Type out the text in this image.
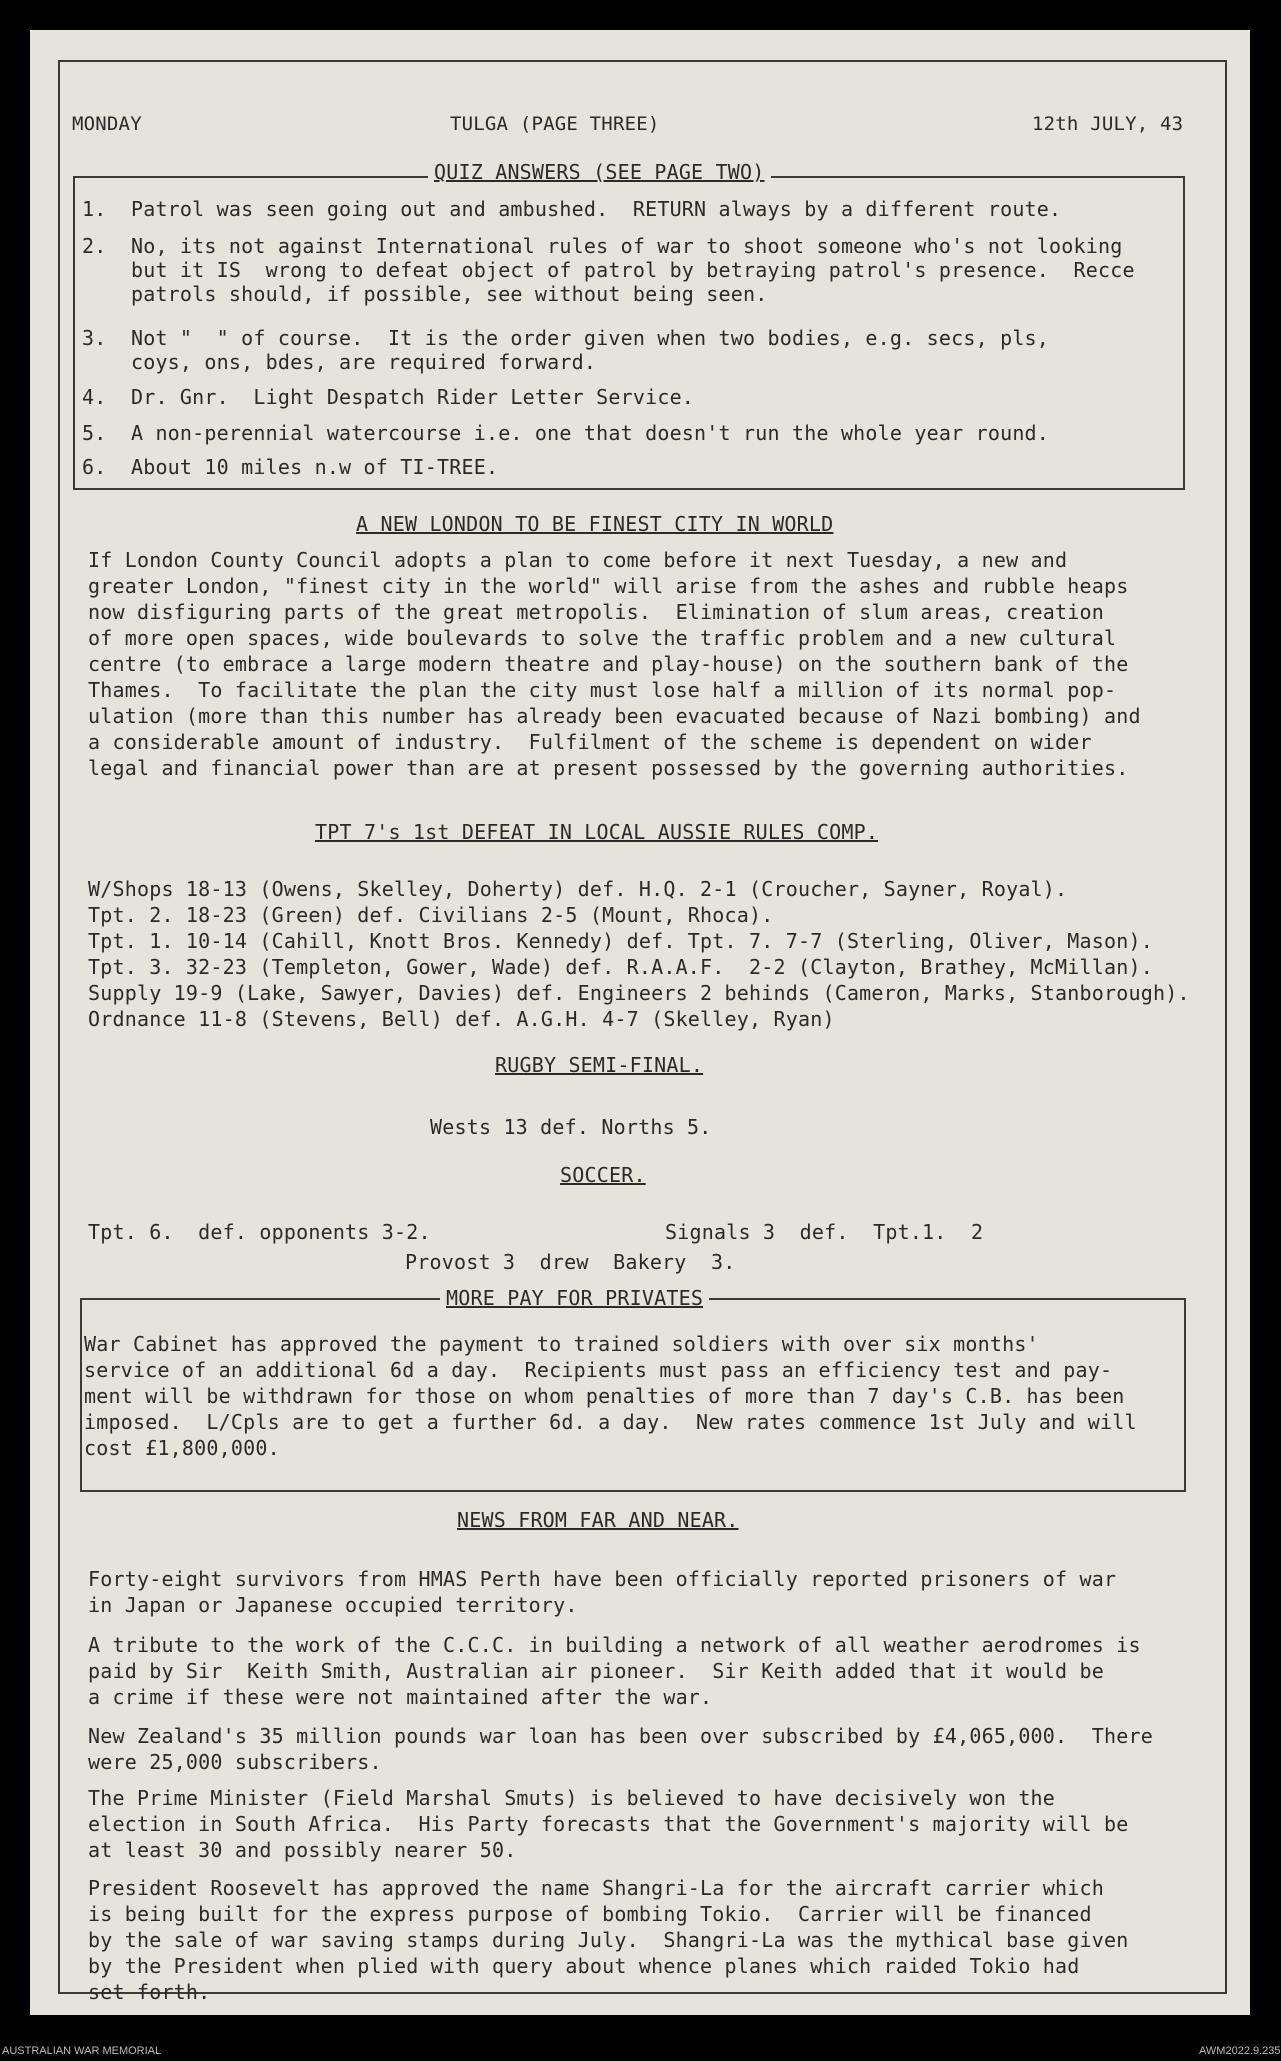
MONDAY	TULGA (PAGE THREE)	12th JULY, 43
QUIZ ANSWERS (SEE PAGE TWO)
1.  Patrol was seen going out and ambushed.  RETURN always by a different route.
2.  No, its not against International rules of war to shoot someone who's not looking
but it IS  wrong to defeat object of patrol by betraying patrol's presence.  Recce
patrols should, if possible, see without being seen.
3.  Not "  " of course.  It is the order given when two bodies, e.g. secs, pls,
coys, ons, bdes, are required forward.
4.  Dr. Gnr.  Light Despatch Rider Letter Service.
5.  A non-perennial watercourse i.e. one that doesn't run the whole year round.
6.  About 10 miles n.w of TI-TREE.
A NEW LONDON TO BE FINEST CITY IN WORLD
If London County Council adopts a plan to come before it next Tuesday, a new and
greater London, "finest city in the world" will arise from the ashes and rubble heaps
now disfiguring parts of the great metropolis.  Elimination of slum areas, creation
of more open spaces, wide boulevards to solve the traffic problem and a new cultural
centre (to embrace a large modern theatre and play-house) on the southern bank of the
Thames.  To facilitate the plan the city must lose half a million of its normal pop-
ulation (more than this number has already been evacuated because of Nazi bombing) and
a considerable amount of industry.  Fulfilment of the scheme is dependent on wider
legal and financial power than are at present possessed by the governing authorities.
TPT 7's 1st DEFEAT IN LOCAL AUSSIE RULES COMP.
W/Shops 18-13 (Owens, Skelley, Doherty) def. H.Q. 2-1 (Croucher, Sayner, Royal).
Tpt. 2. 18-23 (Green) def. Civilians 2-5 (Mount, Rhoca).
Tpt. 1. 10-14 (Cahill, Knott Bros. Kennedy) def. Tpt. 7. 7-7 (Sterling, Oliver, Mason).
Tpt. 3. 32-23 (Templeton, Gower, Wade) def. R.A.A.F.  2-2 (Clayton, Brathey, McMillan).
Supply 19-9 (Lake, Sawyer, Davies) def. Engineers 2 behinds (Cameron, Marks, Stanborough).
Ordnance 11-8 (Stevens, Bell) def. A.G.H. 4-7 (Skelley, Ryan)
RUGBY SEMI-FINAL.
Wests 13 def. Norths 5.
SOCCER.
Tpt. 6.  def. opponents 3-2.	Signals 3  def.  Tpt.1.  2
Provost 3  drew  Bakery  3.
MORE PAY FOR PRIVATES
War Cabinet has approved the payment to trained soldiers with over six months'
service of an additional 6d a day.  Recipients must pass an efficiency test and pay-
ment will be withdrawn for those on whom penalties of more than 7 day's C.B. has been
imposed.  L/Cpls are to get a further 6d. a day.  New rates commence 1st July and will
cost £1,800,000.
NEWS FROM FAR AND NEAR.
Forty-eight survivors from HMAS Perth have been officially reported prisoners of war
in Japan or Japanese occupied territory.
A tribute to the work of the C.C.C. in building a network of all weather aerodromes is
paid by Sir  Keith Smith, Australian air pioneer.  Sir Keith added that it would be
a crime if these were not maintained after the war.
New Zealand's 35 million pounds war loan has been over subscribed by £4,065,000.  There
were 25,000 subscribers.
The Prime Minister (Field Marshal Smuts) is believed to have decisively won the
election in South Africa.  His Party forecasts that the Government's majority will be
at least 30 and possibly nearer 50.
President Roosevelt has approved the name Shangri-La for the aircraft carrier which
is being built for the express purpose of bombing Tokio.  Carrier will be financed
by the sale of war saving stamps during July.  Shangri-La was the mythical base given
by the President when plied with query about whence planes which raided Tokio had
set forth.
AUSTRALIAN WAR MEMORIAL	AWM2022.9.235
